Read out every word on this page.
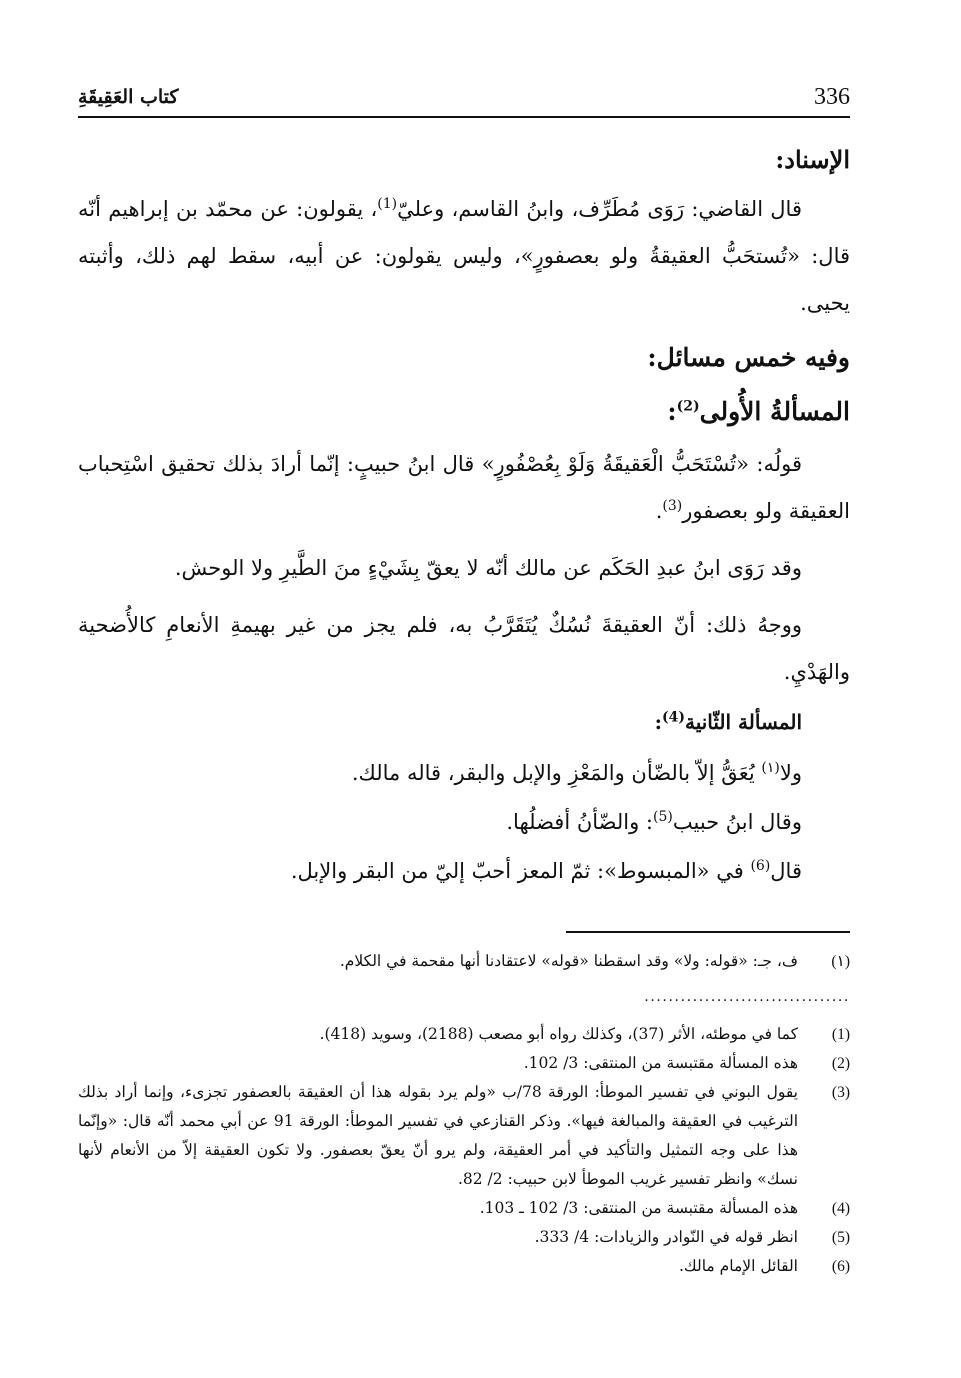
336
كتاب العَقِيقَةِ
الإسناد:

قال القاضي: رَوَى مُطَرِّف، وابنُ القاسم، وعليّ$^{(1)}$، يقولون: عن محمّد بن إبراهيم أنّه قال: «تُستحَبُّ العقيقةُ ولو بعصفورٍ»، وليس يقولون: عن أبيه، سقط لهم ذلك، وأثبته يحيى.

وفيه خمس مسائل:
المسألةُ الأُولى$^{(2)}$:

قولُه: «تُسْتَحَبُّ الْعَقيقَةُ وَلَوْ بِعُصْفُورٍ» قال ابنُ حبيبٍ: إنّما أرادَ بذلك تحقيق اسْتِحباب العقيقة ولو بعصفور$^{(3)}$.

وقد رَوَى ابنُ عبدِ الحَكَم عن مالك أنّه لا يعقّ بِشَيْءٍ منَ الطَّيرِ ولا الوحش.

ووجهُ ذلك: أنّ العقيقةَ نُسُكٌ يُتَقَرَّبُ به، فلم يجز من غير بهيمةِ الأنعامِ كالأُضحية والهَدْيِ.

المسألة الثّانية$^{(4)}$:

ولا$^{(١)}$ يُعَقُّ إلاّ بالضّأن والمَعْزِ والإبل والبقر، قاله مالك.

وقال ابنُ حبيب$^{(5)}$: والضّأنُ أفضلُها.

قال$^{(6)}$ في «المبسوط»: ثمّ المعز أحبّ إليّ من البقر والإبل.

(١)
ف، جـ: «قوله: ولا» وقد اسقطنا «قوله» لاعتقادنا أنها مقحمة في الكلام.
..................................
(1)
كما في موطئه، الأثر (37)، وكذلك رواه أبو مصعب (2188)، وسويد (418).
(2)
هذه المسألة مقتبسة من المنتقى: 3/ 102.
(3)
يقول البوني في تفسير الموطأ: الورقة 78/ب «ولم يرد بقوله هذا أن العقيقة بالعصفور تجزىء، وإنما أراد بذلك الترغيب في العقيقة والمبالغة فيها». وذكر القنازعي في تفسير الموطأ: الورقة 91 عن أبي محمد أنّه قال: «وإنّما هذا على وجه التمثيل والتأكيد في أمر العقيقة، ولم يرو أنّ يعقّ بعصفور. ولا تكون العقيقة إلاّ من الأنعام لأنها نسك» وانظر تفسير غريب الموطأ لابن حبيب: 2/ 82.
(4)
هذه المسألة مقتبسة من المنتقى: 3/ 102 ـ 103.
(5)
انظر قوله في النّوادر والزيادات: 4/ 333.
(6)
القائل الإمام مالك.
